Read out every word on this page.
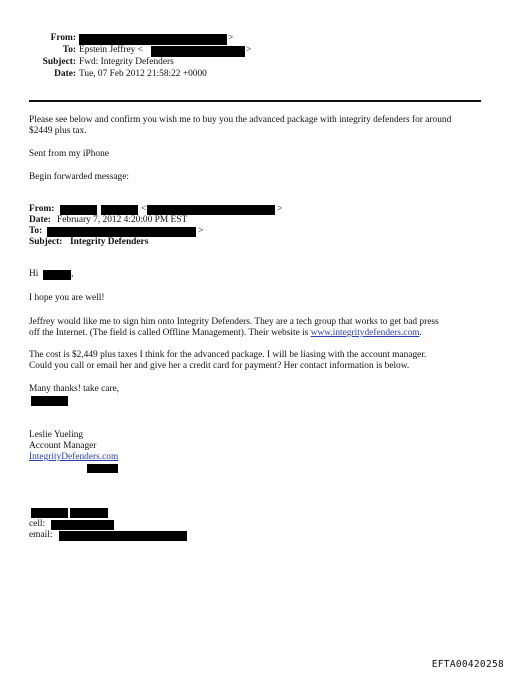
From:	>
To: Epstein Jeffrey <	>
Subject: Fwd: Integrity Defenders
Date: Tue, 07 Feb 2012 21:58:22 +0000
Please see below and confirm you wish me to buy you the advanced package with integrity defenders for around
$2449 plus tax.
Sent from my iPhone
Begin forwarded message:
From:	<	>
Date: February 7, 2012 4:20:00 PM EST
To:	>
Subject: Integrity Defenders
Hi	,
I hope you are well!
Jeffrey would like me to sign him onto Integrity Defenders. They are a tech group that works to get bad press
off the Internet. (The field is called Offline Management). Their website is www.integritydefenders.com.
The cost is $2,449 plus taxes I think for the advanced package. I will be liasing with the account manager.
Could you call or email her and give her a credit card for payment? Her contact information is below.
Many thanks! take care,
Leslie Yueling
Account Manager
IntegrityDefenders.com
cell:
email:
EFTA00420258
